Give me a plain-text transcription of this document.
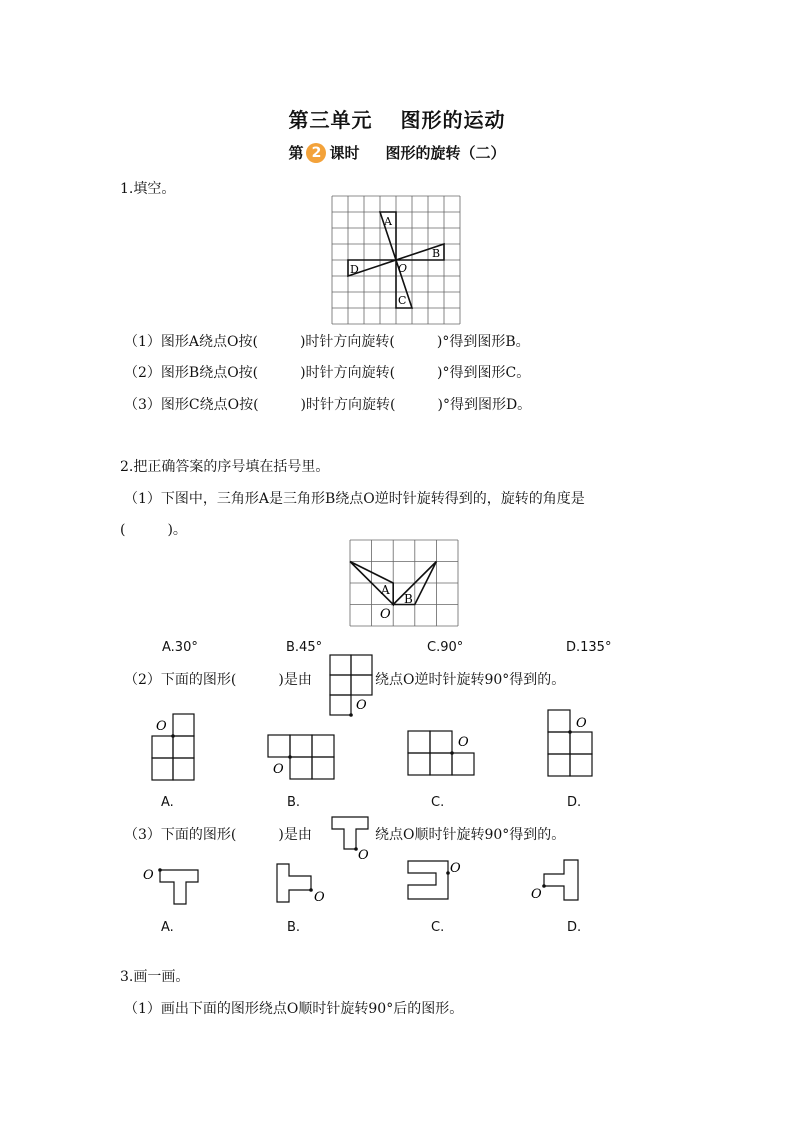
第三单元 图形的运动
第 2 课时 图形的旋转（二）
1.填空。
A
B
C
D	O
（1）图形A绕点O按(　　　)时针方向旋转(　　　)°得到图形B。
（2）图形B绕点O按(　　　)时针方向旋转(　　　)°得到图形C。
（3）图形C绕点O按(　　　)时针方向旋转(　　　)°得到图形D。
2.把正确答案的序号填在括号里。
（1）下图中，三角形A是三角形B绕点O逆时针旋转得到的，旋转的角度是
(　　　)。
A
B
O
A.30°	B.45°	C.90°	D.135°
（2）下面的图形(　　　)是由
O
绕点O逆时针旋转90°得到的。
O
O
O
O
A.	B.	C.	D.
（3）下面的图形(　　　)是由
O
绕点O顺时针旋转90°得到的。
O
O
O
O
A.	B.	C.	D.
3.画一画。
（1）画出下面的图形绕点O顺时针旋转90°后的图形。
